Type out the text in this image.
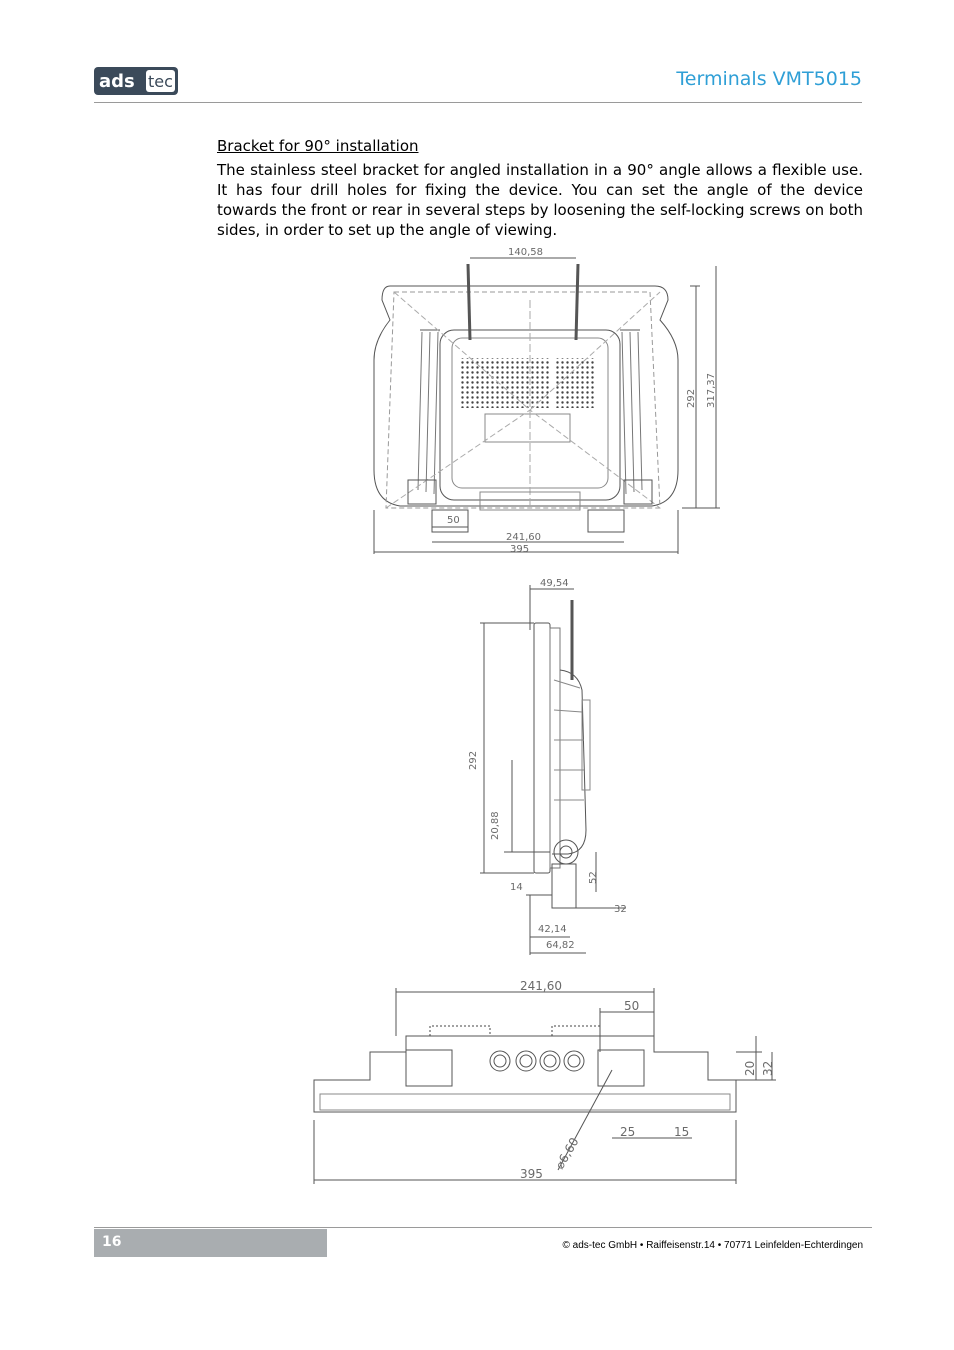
ads tec	Terminals VMT5015
Bracket for 90° installation
The stainless steel bracket for angled installation in a 90° angle allows a flexible use. It has four drill holes for fixing the device. You can set the angle of the device towards the front or rear in several steps by loosening the self-locking screws on both sides, in order to set up the angle of viewing.
140,58
292 317,37
50
241,60
395
49,54
292
20,88
14
52
32
42,14
64,82
241,60
50
20 32
⌀6,60
25	15
395
16	© ads-tec GmbH • Raiffeisenstr.14 • 70771 Leinfelden-Echterdingen
